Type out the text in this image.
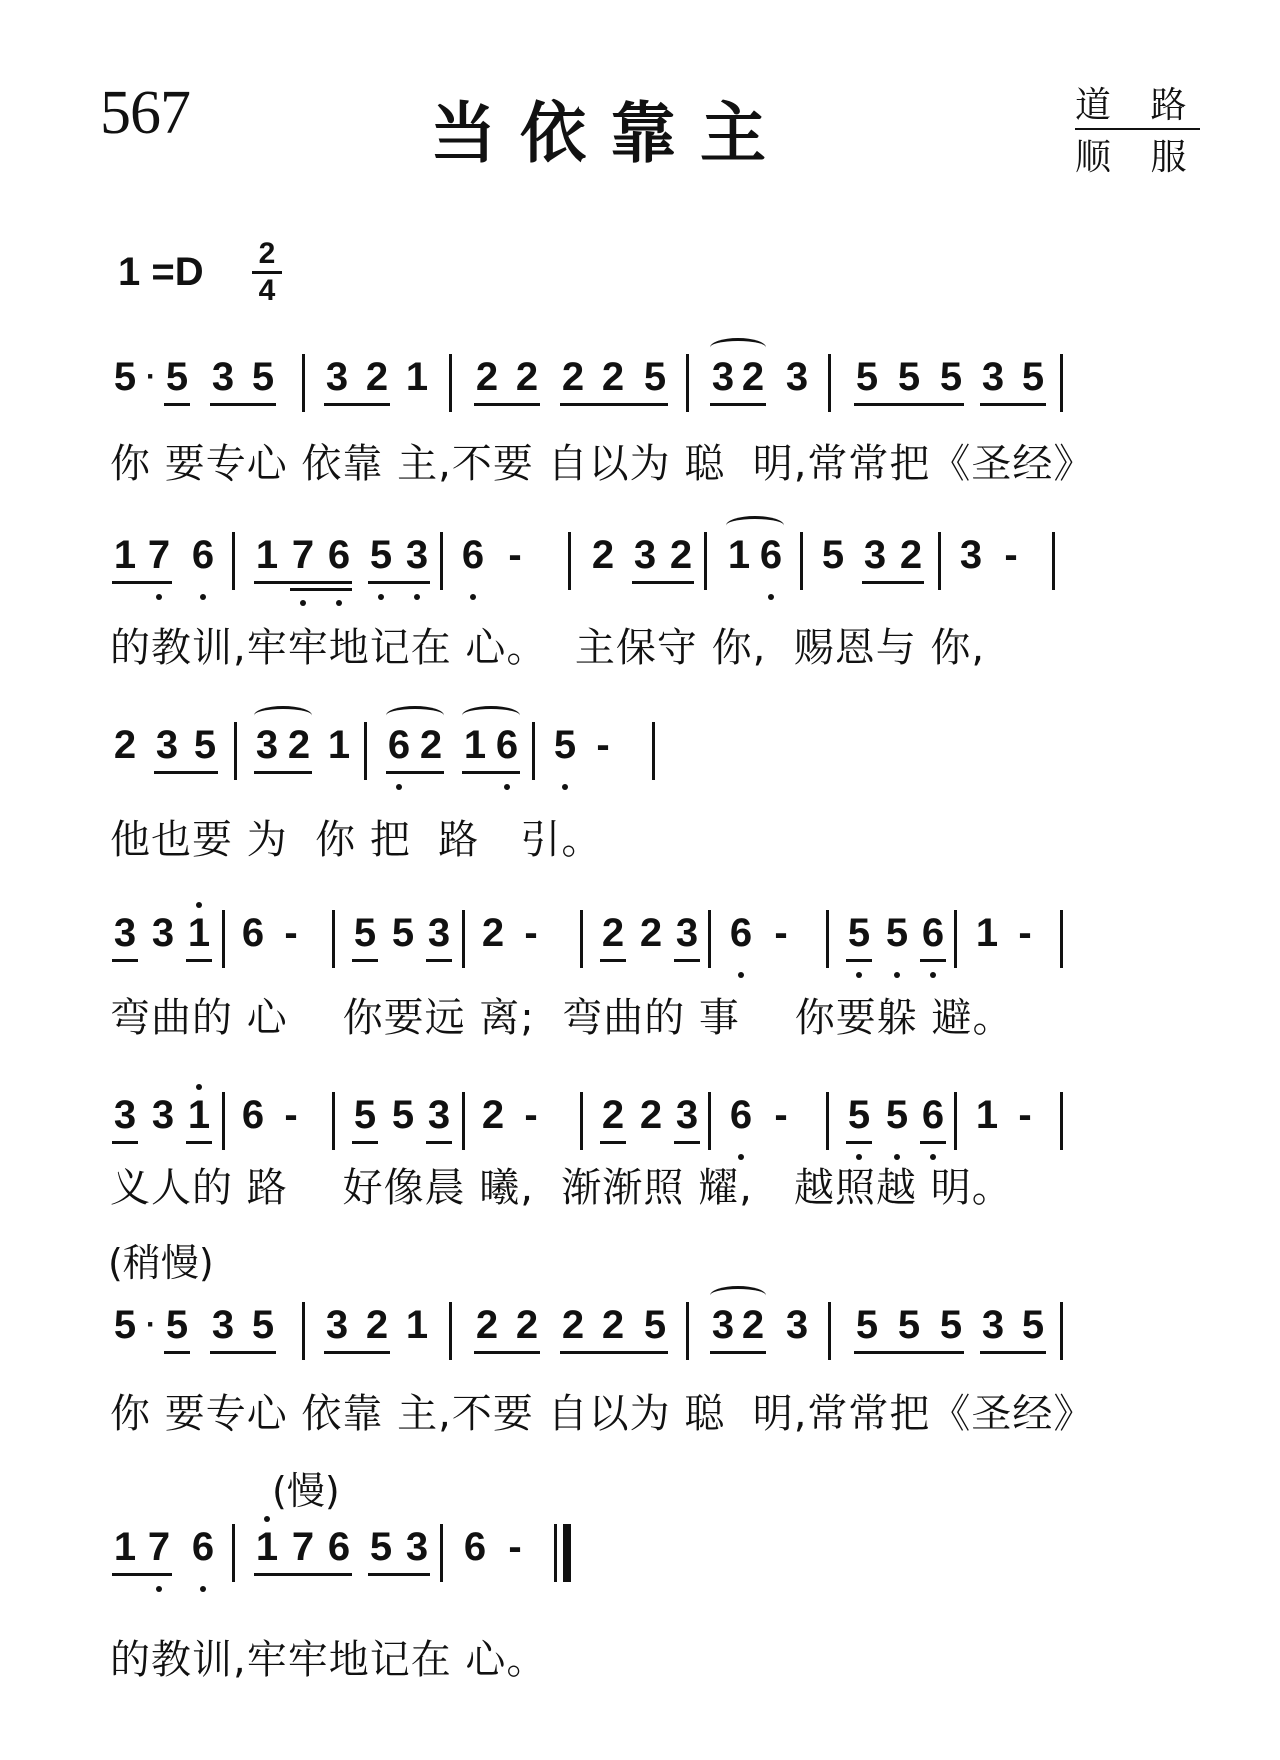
567	当依靠主	道 路
顺 服
1 =D 2
4
5 · 5 3 5 3 2 1 2 2 2 2 5 3 2 3 5 5 5 3 5
你 要专心 依靠 主,不要 自以为 聪  明,常常把《圣经》
1 7 6 1 7 6 5 3 6 - 2 3 2 1 6 5 3 2 3 -
的教训,牢牢地记在 心。  主保守 你,  赐恩与 你,
2 3 5 3 2 1 6 2 1 6 5 -
他也要 为  你 把  路   引。
3 3 1 6 - 5 5 3 2 - 2 2 3 6 - 5 5 6 1 -
弯曲的 心    你要远 离;  弯曲的 事    你要躲 避。
3 3 1 6 - 5 5 3 2 - 2 2 3 6 - 5 5 6 1 -
义人的 路    好像晨 曦,  渐渐照 耀,   越照越 明。
(稍慢)
5 · 5 3 5 3 2 1 2 2 2 2 5 3 2 3 5 5 5 3 5
你 要专心 依靠 主,不要 自以为 聪  明,常常把《圣经》
(慢)
1 7 6 1 7 6 5 3 6 -
的教训,牢牢地记在 心。
